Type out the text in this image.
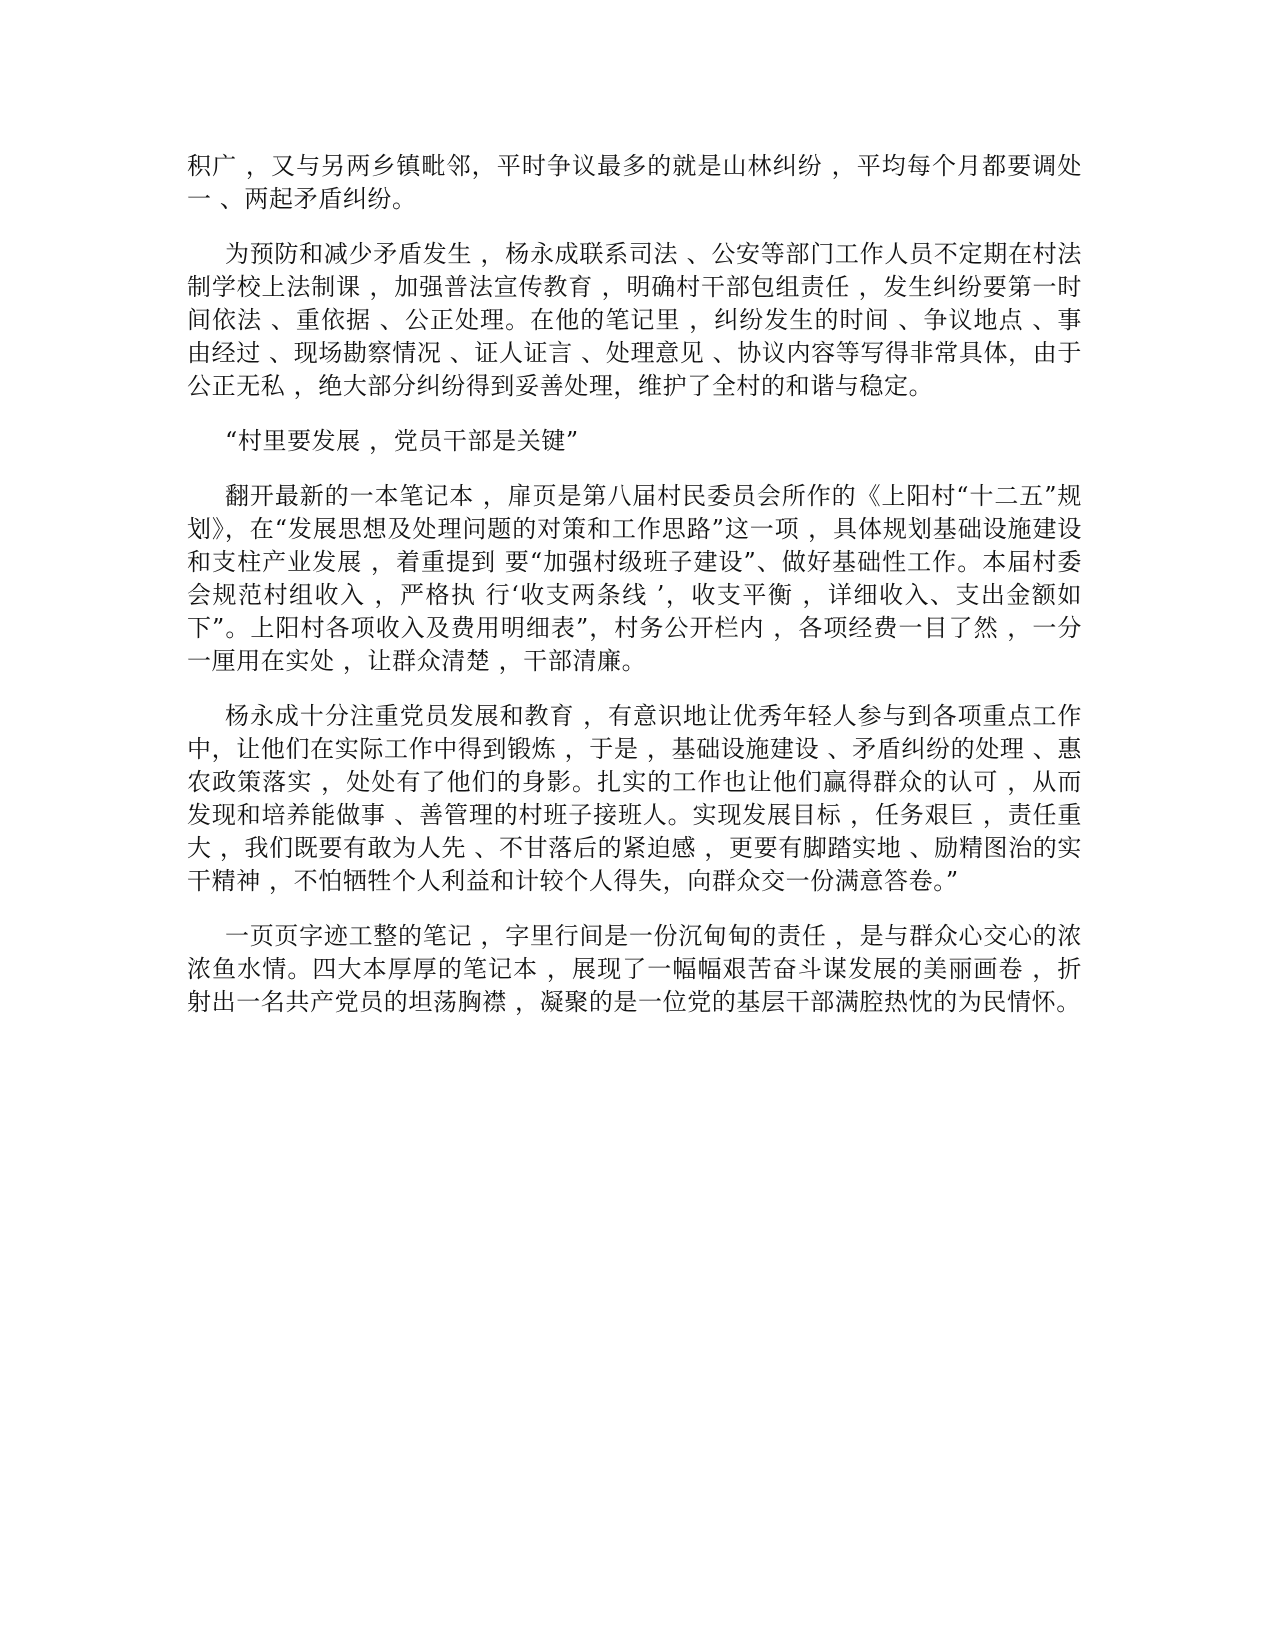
积广 ，又与另两乡镇毗邻，平时争议最多的就是山林纠纷 ，平均每个月都要调处一 、两起矛盾纠纷。

为预防和减少矛盾发生 ，杨永成联系司法 、公安等部门工作人员不定期在村法制学校上法制课 ，加强普法宣传教育 ，明确村干部包组责任 ，发生纠纷要第一时间依法 、重依据 、公正处理。在他的笔记里 ，纠纷发生的时间 、争议地点 、事由经过 、现场勘察情况 、证人证言 、处理意见 、协议内容等写得非常具体，由于公正无私 ，绝大部分纠纷得到妥善处理，维护了全村的和谐与稳定。

“村里要发展 ，党员干部是关键”

翻开最新的一本笔记本 ，扉页是第八届村民委员会所作的《上阳村“十二五”规划》，在“发展思想及处理问题的对策和工作思路”这一项 ，具体规划基础设施建设和支柱产业发展 ，着重提到 要“加强村级班子建设”、做好基础性工作。本届村委会规范村组收入 ，严格执 行‘收支两条线 ’，收支平衡 ，详细收入、支出金额如下”。上阳村各项收入及费用明细表”，村务公开栏内 ，各项经费一目了然 ，一分一厘用在实处 ，让群众清楚 ，干部清廉。

杨永成十分注重党员发展和教育 ，有意识地让优秀年轻人参与到各项重点工作中，让他们在实际工作中得到锻炼 ，于是 ，基础设施建设 、矛盾纠纷的处理 、惠农政策落实 ，处处有了他们的身影。扎实的工作也让他们赢得群众的认可 ，从而发现和培养能做事 、善管理的村班子接班人。实现发展目标 ，任务艰巨 ，责任重大 ，我们既要有敢为人先 、不甘落后的紧迫感 ，更要有脚踏实地 、励精图治的实干精神 ，不怕牺牲个人利益和计较个人得失，向群众交一份满意答卷。”

一页页字迹工整的笔记 ，字里行间是一份沉甸甸的责任 ，是与群众心交心的浓浓鱼水情。四大本厚厚的笔记本 ，展现了一幅幅艰苦奋斗谋发展的美丽画卷 ，折射出一名共产党员的坦荡胸襟 ，凝聚的是一位党的基层干部满腔热忱的为民情怀。
